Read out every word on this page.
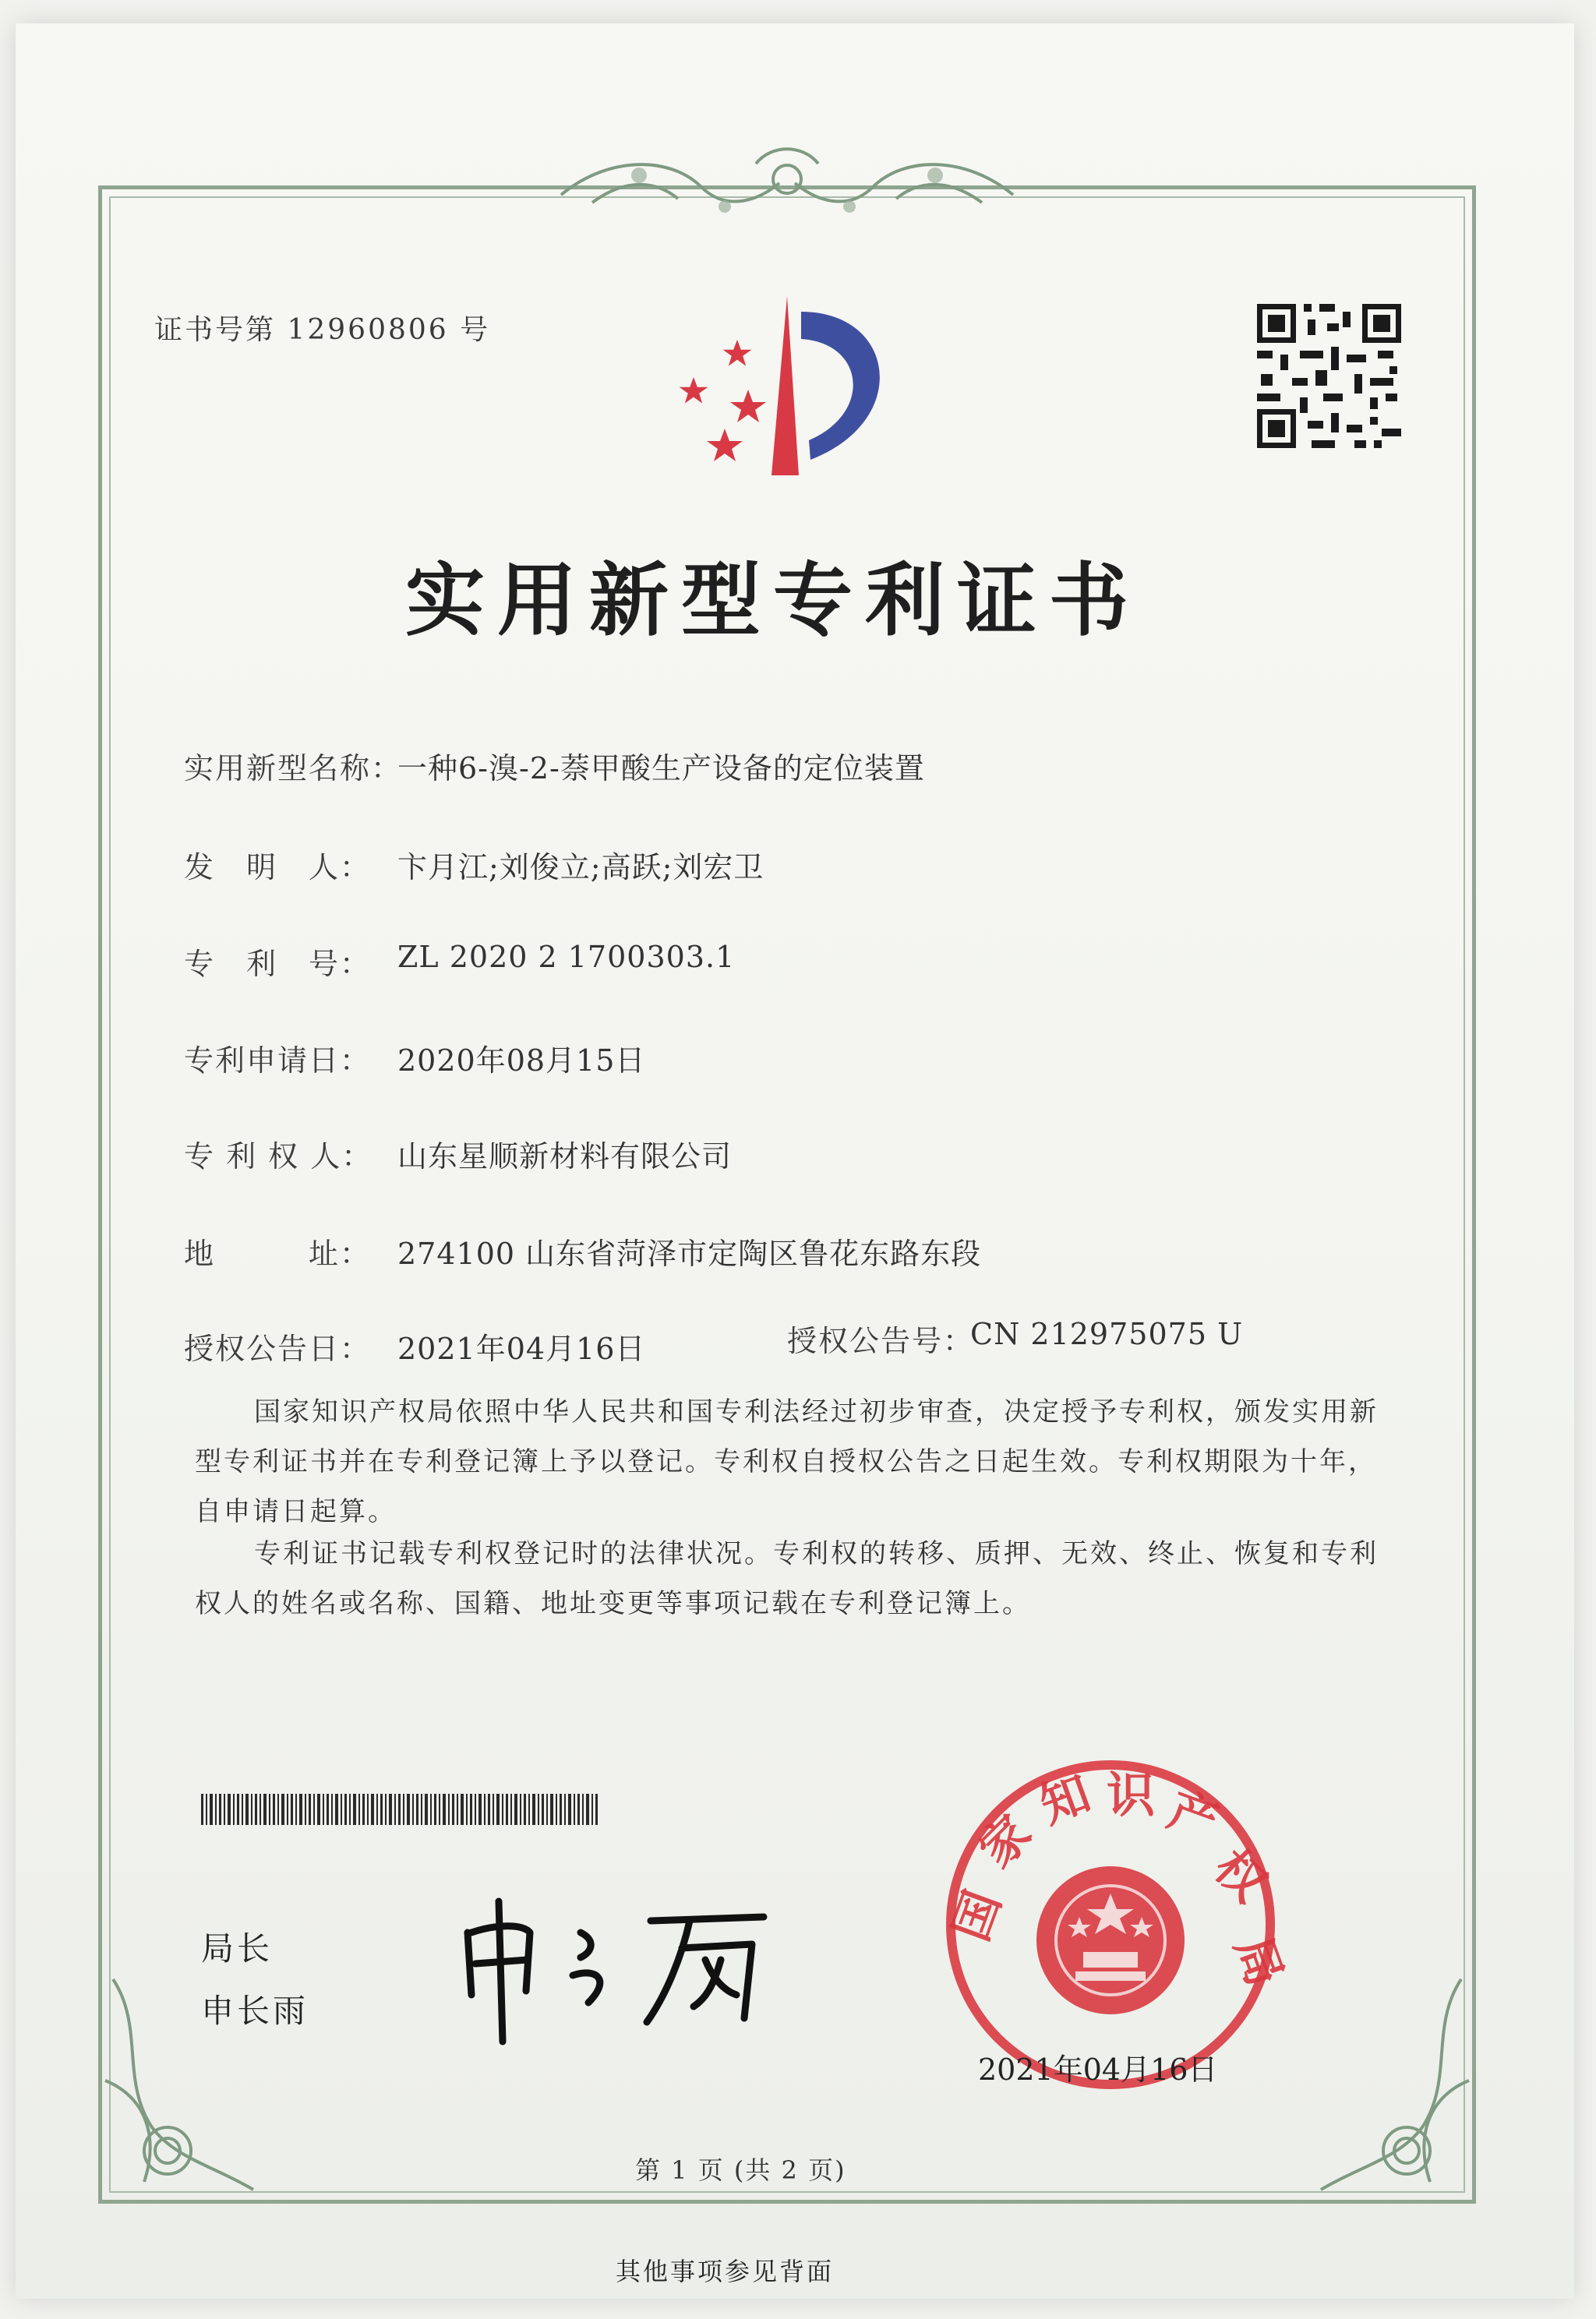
证书号第 12960806 号
实用新型专利证书
实用新型名称：
一种6-溴-2-萘甲酸生产设备的定位装置
发　明　人： 卞月江;刘俊立;高跃;刘宏卫
专　利　号： ZL 2020 2 1700303.1
专利申请日： 2020年08月15日
专 利 权 人： 山东星顺新材料有限公司
地　　　址： 274100 山东省菏泽市定陶区鲁花东路东段
授权公告日： 2021年04月16日	授权公告号：
CN 212975075 U
国家知识产权局依照中华人民共和国专利法经过初步审查，决定授予专利权，颁发实用新型专利证书并在专利登记簿上予以登记。专利权自授权公告之日起生效。专利权期限为十年，自申请日起算。
专利证书记载专利权登记时的法律状况。专利权的转移、质押、无效、终止、恢复和专利权人的姓名或名称、国籍、地址变更等事项记载在专利登记簿上。
局长
申长雨
国
家
知 识 产
权
局
2021年04月16日
第 1 页 (共 2 页)
其他事项参见背面
